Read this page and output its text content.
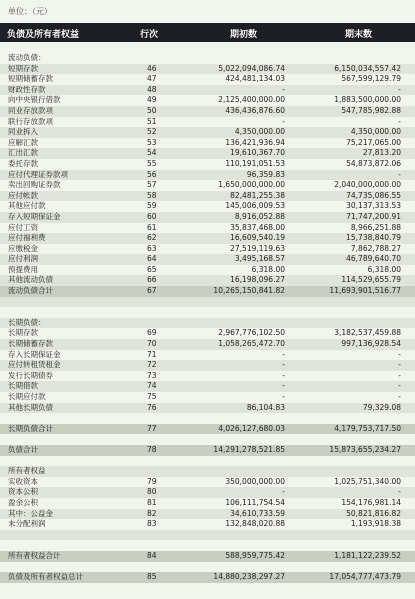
单位：（元）
负债及所有者权益	行次	期初数	期末数
流动负债：
短期存款	46	5,022,094,086.74	6,150,034,557.42
短期储蓄存款	47	424,481,134.03	567,599,129.79
财政性存款	48	-	-
向中央银行借款	49	2,125,400,000.00	1,883,500,000.00
同业存放款项	50	436,436,876.60	547,785,982.88
联行存放款项	51	-	-
同业拆入	52	4,350,000.00	4,350,000.00
应解汇款	53	136,421,936.94	75,217,065.00
汇出汇款	54	19,610,367.70	27,813.20
委托存款	55	110,191,051.53	54,873,872.06
应付代理证券款项	56	96,359.83	-
卖出回购证券款	57	1,650,000,000.00	2,040,000,000.00
应付帐款	58	82,481,255.38	74,735,086.55
其他应付款	59	145,006,009.53	30,137,313.53
存入短期保证金	60	8,916,052.88	71,747,200.91
应付工资	61	35,837,468.00	8,966,251.88
应付福利费	62	16,609,540.19	15,738,840.79
应缴税金	63	27,519,119.63	7,862,788.27
应付利润	64	3,495,168.57	46,789,640.70
预提费用	65	6,318.00	6,318.00
其他流动负债	66	16,198,096.27	114,529,655.79
流动负债合计	67	10,265,150,841.82	11,693,901,516.77
长期负债：
长期存款	69	2,967,776,102.50	3,182,537,459.88
长期储蓄存款	70	1,058,265,472.70	997,136,928.54
存入长期保证金	71	-	-
应付转租赁租金	72	-	-
发行长期债券	73	-	-
长期借款	74	-	-
长期应付款	75	-	-
其他长期负债	76	86,104.83	79,329.08
长期负债合计	77	4,026,127,680.03	4,179,753,717.50
负债合计	78	14,291,278,521.85	15,873,655,234.27
所有者权益
实收资本	79	350,000,000.00	1,025,751,340.00
资本公积	80	-	-
盈余公积	81	106,111,754.54	154,176,981.14
其中：公益金	82	34,610,733.59	50,821,816.82
未分配利润	83	132,848,020.88	1,193,918.38
所有者权益合计	84	588,959,775.42	1,181,122,239.52
负债及所有者权益总计	85	14,880,238,297.27	17,054,777,473.79
